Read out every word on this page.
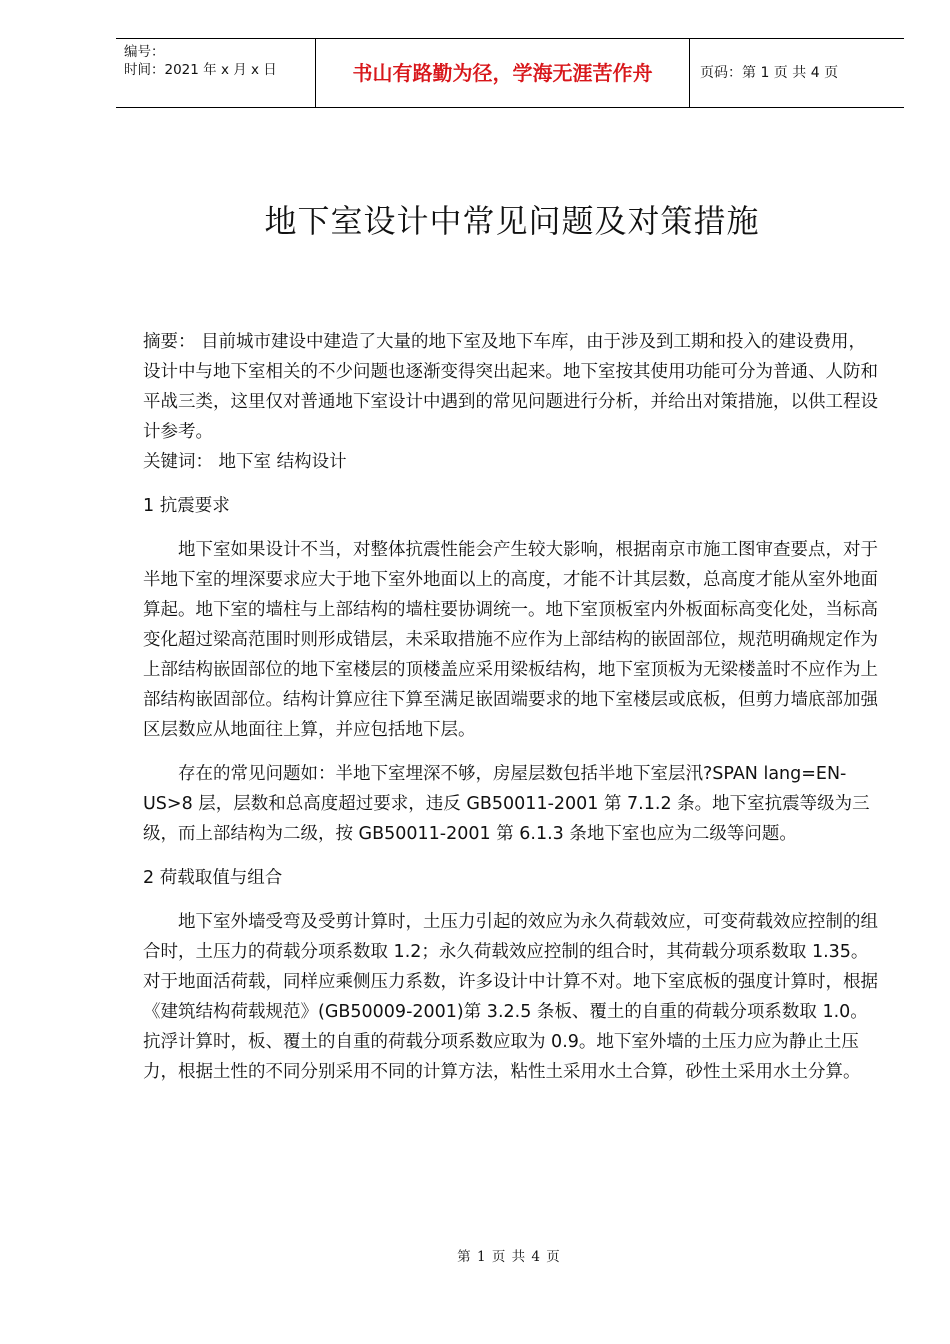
编号：
时间：2021 年 x 月 x 日	书山有路勤为径，学海无涯苦作舟	页码：第 1 页 共 4 页
地下室设计中常见问题及对策措施

摘要： 目前城市建设中建造了大量的地下室及地下车库，由于涉及到工期和投入的建设费用，设计中与地下室相关的不少问题也逐渐变得突出起来。地下室按其使用功能可分为普通、人防和平战三类，这里仅对普通地下室设计中遇到的常见问题进行分析，并给出对策措施，以供工程设计参考。

关键词： 地下室 结构设计

1 抗震要求

地下室如果设计不当，对整体抗震性能会产生较大影响，根据南京市施工图审查要点，对于半地下室的埋深要求应大于地下室外地面以上的高度，才能不计其层数，总高度才能从室外地面算起。地下室的墙柱与上部结构的墙柱要协调统一。地下室顶板室内外板面标高变化处，当标高变化超过梁高范围时则形成错层，未采取措施不应作为上部结构的嵌固部位，规范明确规定作为上部结构嵌固部位的地下室楼层的顶楼盖应采用梁板结构，地下室顶板为无梁楼盖时不应作为上部结构嵌固部位。结构计算应往下算至满足嵌固端要求的地下室楼层或底板，但剪力墙底部加强区层数应从地面往上算，并应包括地下层。

存在的常见问题如：半地下室埋深不够，房屋层数包括半地下室层汛?SPAN lang=EN-US>8 层，层数和总高度超过要求，违反 GB50011-2001 第 7.1.2 条。地下室抗震等级为三级，而上部结构为二级，按 GB50011-2001 第 6.1.3 条地下室也应为二级等问题。

2 荷载取值与组合

地下室外墙受弯及受剪计算时，土压力引起的效应为永久荷载效应，可变荷载效应控制的组合时，土压力的荷载分项系数取 1.2；永久荷载效应控制的组合时，其荷载分项系数取 1.35。对于地面活荷载，同样应乘侧压力系数，许多设计中计算不对。地下室底板的强度计算时，根据《建筑结构荷载规范》(GB50009-2001)第 3.2.5 条板、覆土的自重的荷载分项系数取 1.0。抗浮计算时，板、覆土的自重的荷载分项系数应取为 0.9。地下室外墙的土压力应为静止土压力，根据土性的不同分别采用不同的计算方法，粘性土采用水土合算，砂性土采用水土分算。

第 1 页 共 4 页
